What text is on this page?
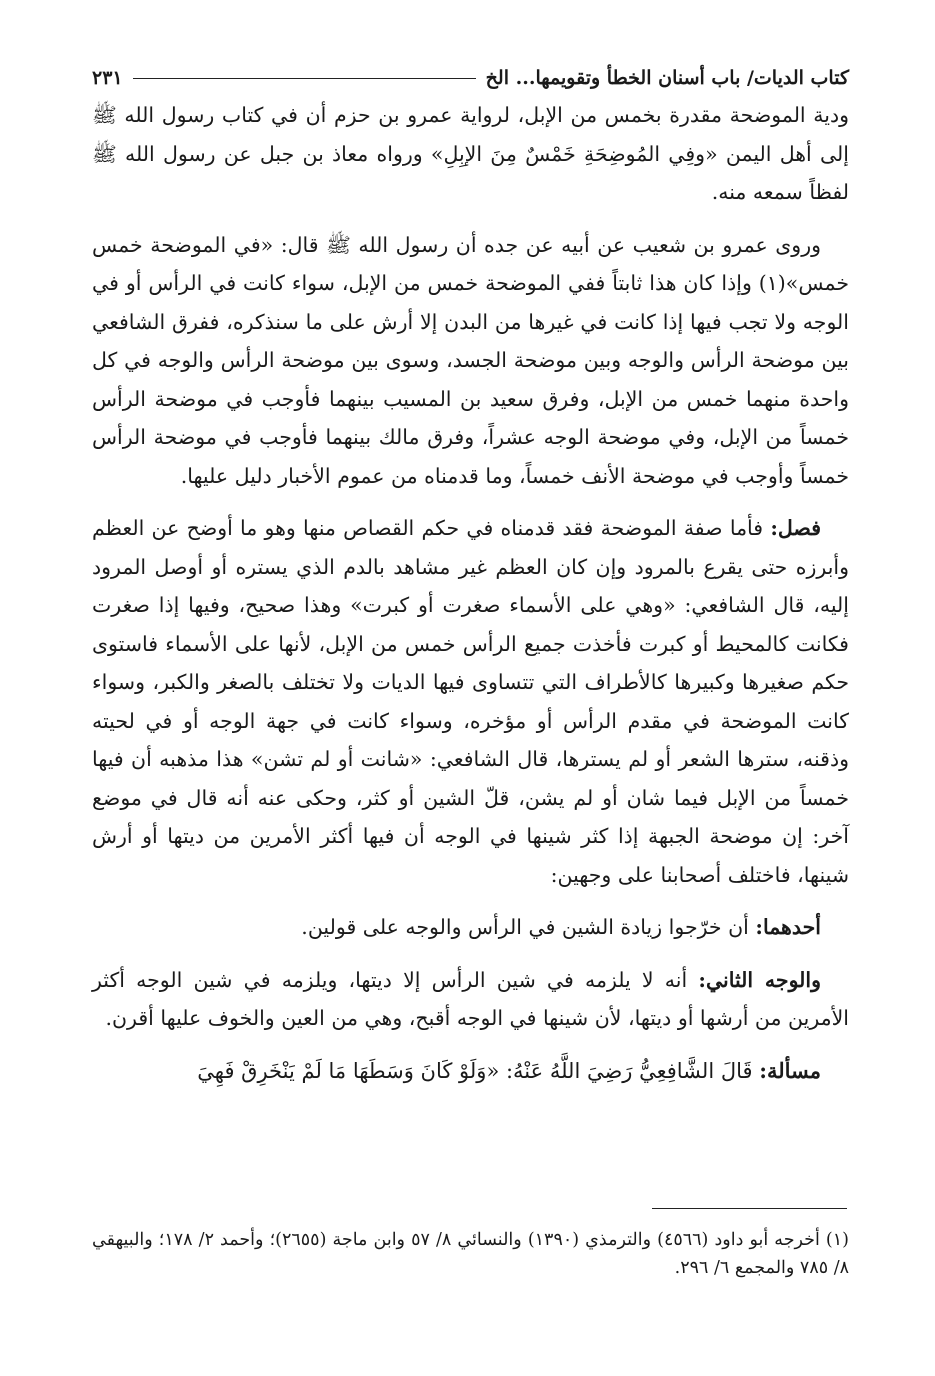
كتاب الديات/ باب أسنان الخطأ وتقويمها... الخ
٢٣١

ودية الموضحة مقدرة بخمس من الإبل، لرواية عمرو بن حزم أن في كتاب رسول الله ﷺ إلى أهل اليمن «وفِي المُوضِحَةِ خَمْسٌ مِنَ الإبِلِ» ورواه معاذ بن جبل عن رسول الله ﷺ لفظاً سمعه منه.

وروى عمرو بن شعيب عن أبيه عن جده أن رسول الله ﷺ قال: «في الموضحة خمس خمس»(١) وإذا كان هذا ثابتاً ففي الموضحة خمس من الإبل، سواء كانت في الرأس أو في الوجه ولا تجب فيها إذا كانت في غيرها من البدن إلا أرش على ما سنذكره، ففرق الشافعي بين موضحة الرأس والوجه وبين موضحة الجسد، وسوى بين موضحة الرأس والوجه في كل واحدة منهما خمس من الإبل، وفرق سعيد بن المسيب بينهما فأوجب في موضحة الرأس خمساً من الإبل، وفي موضحة الوجه عشراً، وفرق مالك بينهما فأوجب في موضحة الرأس خمساً وأوجب في موضحة الأنف خمساً، وما قدمناه من عموم الأخبار دليل عليها.

فصل: فأما صفة الموضحة فقد قدمناه في حكم القصاص منها وهو ما أوضح عن العظم وأبرزه حتى يقرع بالمرود وإن كان العظم غير مشاهد بالدم الذي يستره أو أوصل المرود إليه، قال الشافعي: «وهي على الأسماء صغرت أو كبرت» وهذا صحيح، وفيها إذا صغرت فكانت كالمحيط أو كبرت فأخذت جميع الرأس خمس من الإبل، لأنها على الأسماء فاستوى حكم صغيرها وكبيرها كالأطراف التي تتساوى فيها الديات ولا تختلف بالصغر والكبر، وسواء كانت الموضحة في مقدم الرأس أو مؤخره، وسواء كانت في جهة الوجه أو في لحيته وذقنه، سترها الشعر أو لم يسترها، قال الشافعي: «شانت أو لم تشن» هذا مذهبه أن فيها خمساً من الإبل فيما شان أو لم يشن، قلّ الشين أو كثر، وحكى عنه أنه قال في موضع آخر: إن موضحة الجبهة إذا كثر شينها في الوجه أن فيها أكثر الأمرين من ديتها أو أرش شينها، فاختلف أصحابنا على وجهين:

أحدهما: أن خرّجوا زيادة الشين في الرأس والوجه على قولين.

والوجه الثاني: أنه لا يلزمه في شين الرأس إلا ديتها، ويلزمه في شين الوجه أكثر الأمرين من أرشها أو ديتها، لأن شينها في الوجه أقبح، وهي من العين والخوف عليها أقرن.

مسألة: قَالَ الشَّافِعِيُّ رَضِيَ اللَّهُ عَنْهُ: «وَلَوْ كَانَ وَسَطَهَا مَا لَمْ يَنْخَرِقْ فَهِيَ

(١) أخرجه أبو داود (٤٥٦٦) والترمذي (١٣٩٠) والنسائي ٨/ ٥٧ وابن ماجة (٢٦٥٥)؛ وأحمد ٢/ ١٧٨؛ والبيهقي ٨/ ٧٨٥ والمجمع ٦/ ٢٩٦.
